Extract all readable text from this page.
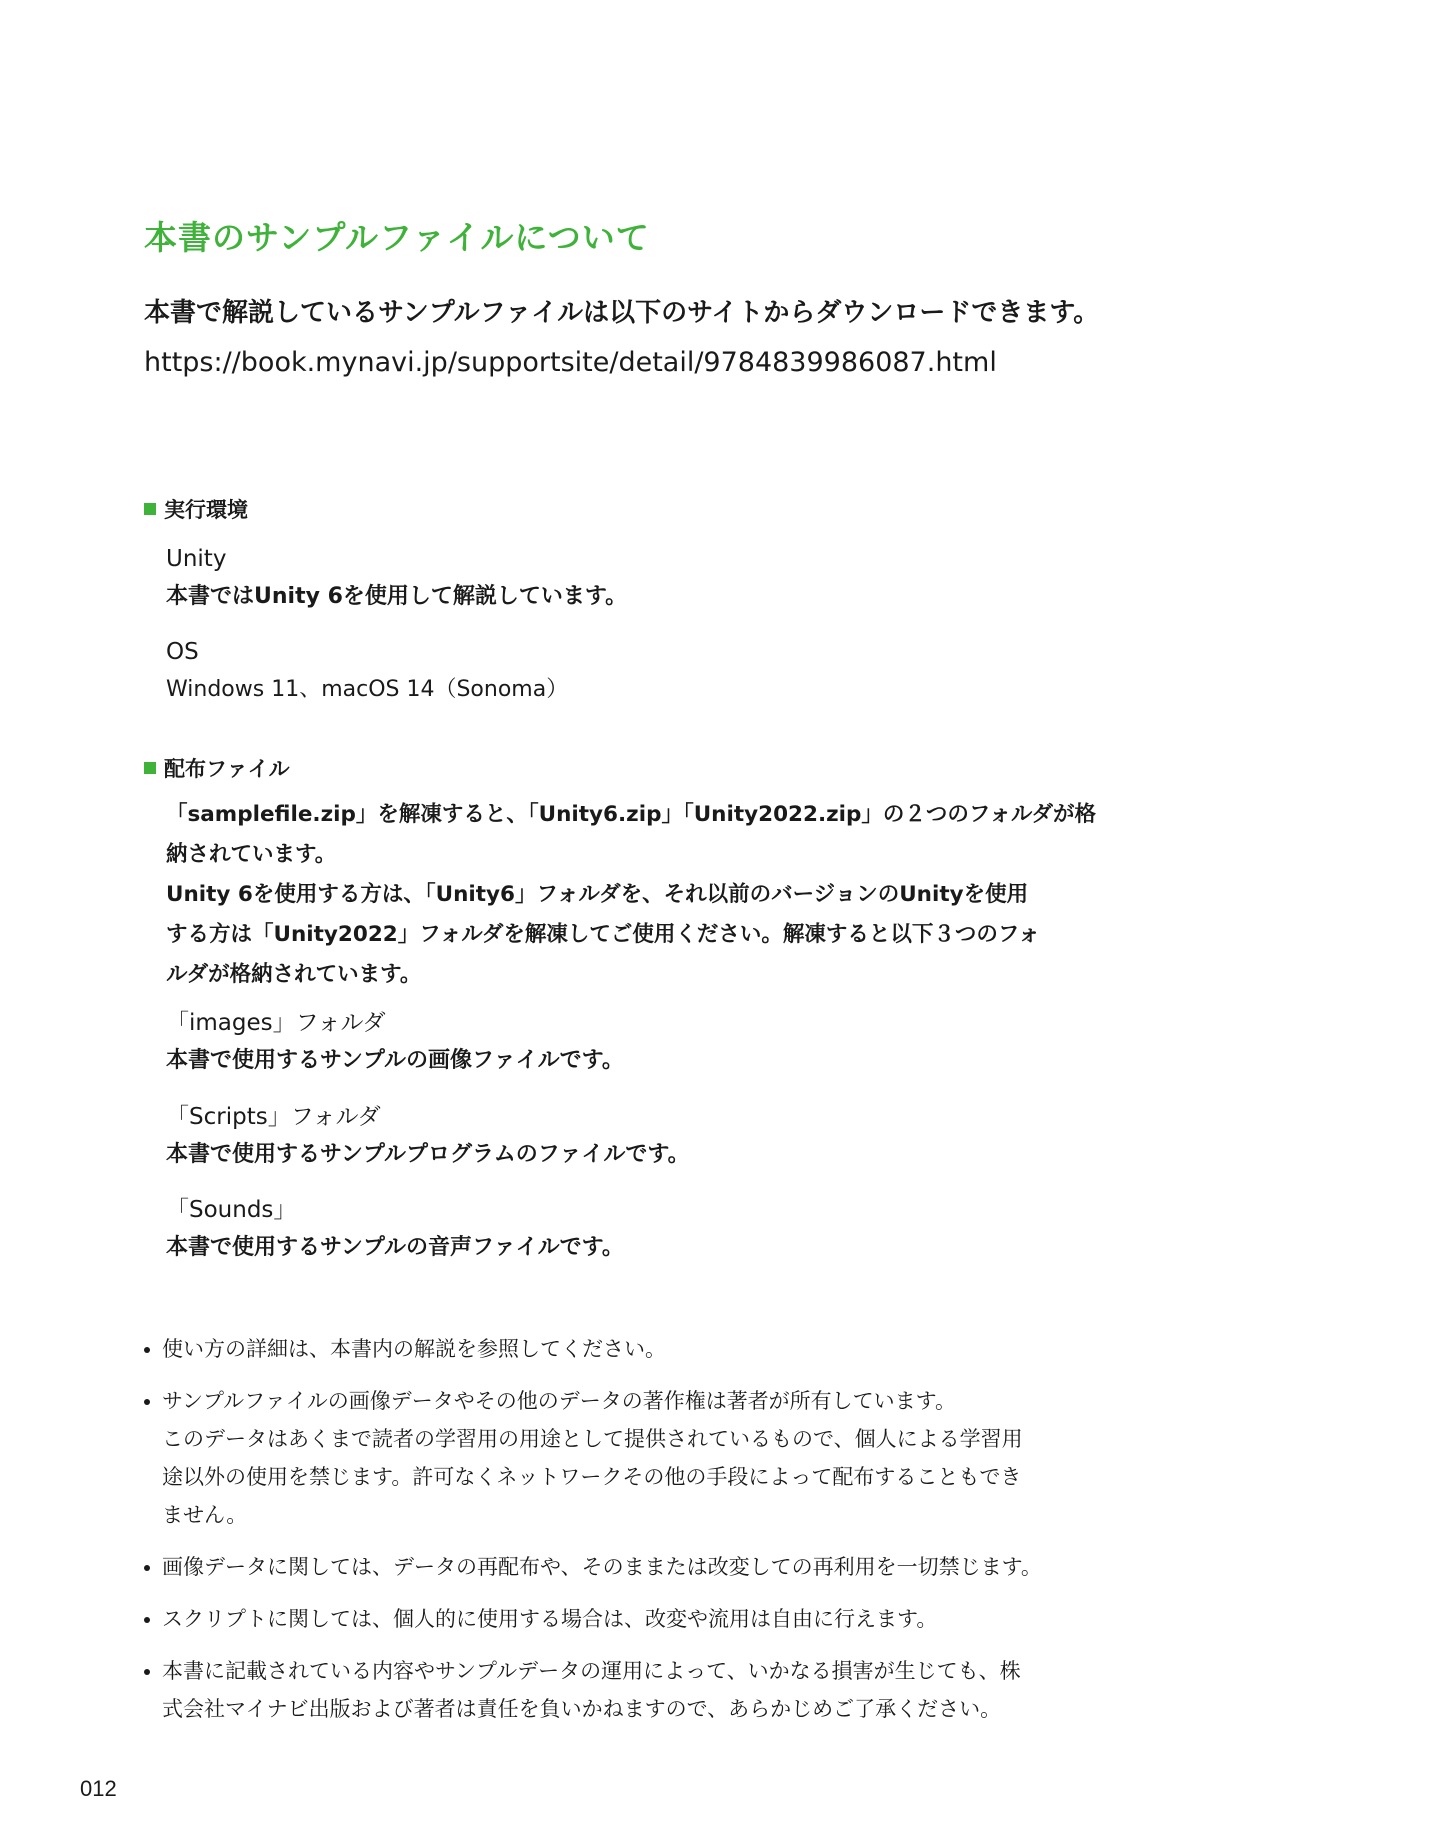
本書のサンプルファイルについて
本書で解説しているサンプルファイルは以下のサイトからダウンロードできます。
https://book.mynavi.jp/supportsite/detail/9784839986087.html
実行環境
Unity
本書ではUnity 6を使用して解説しています。
OS
Windows 11、macOS 14（Sonoma）
配布ファイル
「samplefile.zip」を解凍すると、「Unity6.zip」「Unity2022.zip」の２つのフォルダが格
納されています。
Unity 6を使用する方は、「Unity6」フォルダを、それ以前のバージョンのUnityを使用
する方は「Unity2022」フォルダを解凍してご使用ください。解凍すると以下３つのフォ
ルダが格納されています。
「images」フォルダ
本書で使用するサンプルの画像ファイルです。
「Scripts」フォルダ
本書で使用するサンプルプログラムのファイルです。
「Sounds」
本書で使用するサンプルの音声ファイルです。
使い方の詳細は、本書内の解説を参照してください。
サンプルファイルの画像データやその他のデータの著作権は著者が所有しています。
このデータはあくまで読者の学習用の用途として提供されているもので、個人による学習用
途以外の使用を禁じます。許可なくネットワークその他の手段によって配布することもでき
ません。
画像データに関しては、データの再配布や、そのままたは改変しての再利用を一切禁じます。
スクリプトに関しては、個人的に使用する場合は、改変や流用は自由に行えます。
本書に記載されている内容やサンプルデータの運用によって、いかなる損害が生じても、株
式会社マイナビ出版および著者は責任を負いかねますので、あらかじめご了承ください。
012
